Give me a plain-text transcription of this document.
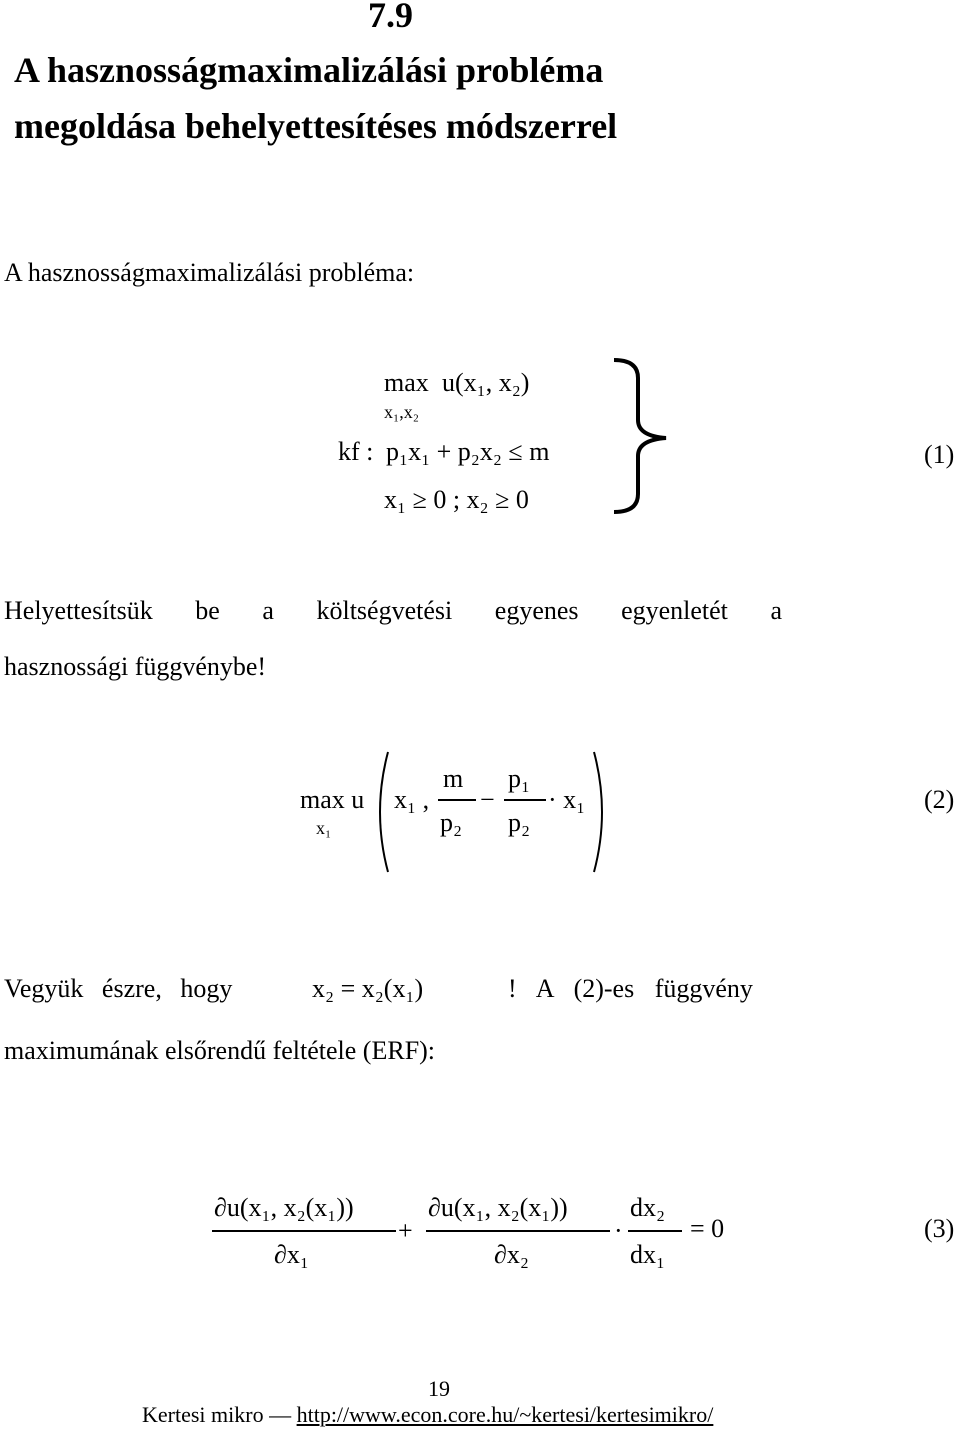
7.9
A hasznosságmaximalizálási probléma
megoldása behelyettesítéses módszerrel
A hasznosságmaximalizálási probléma:
max
x₁,x₂
u(x₁, x₂)
kf : p₁x₁ + p₂x₂ ≤ m
x₁ ≥ 0 ; x₂ ≥ 0
(1)
Helyettesítsük be a költségvetési egyenes egyenletét a
hasznossági függvénybe!
max u
x₁
x₁ ,
m
p₂
−
p₁
p₂
· x₁	(2)
Vegyük észre, hogy	x₂ = x₂(x₁)	! A (2)-es függvény
maximumának elsőrendű feltétele (ERF):
∂u(x₁, x₂(x₁))
∂x₁
+
∂u(x₁, x₂(x₁))
∂x₂
·
dx₂
dx₁
= 0	(3)
19
Kertesi mikro — http://www.econ.core.hu/~kertesi/kertesimikro/
